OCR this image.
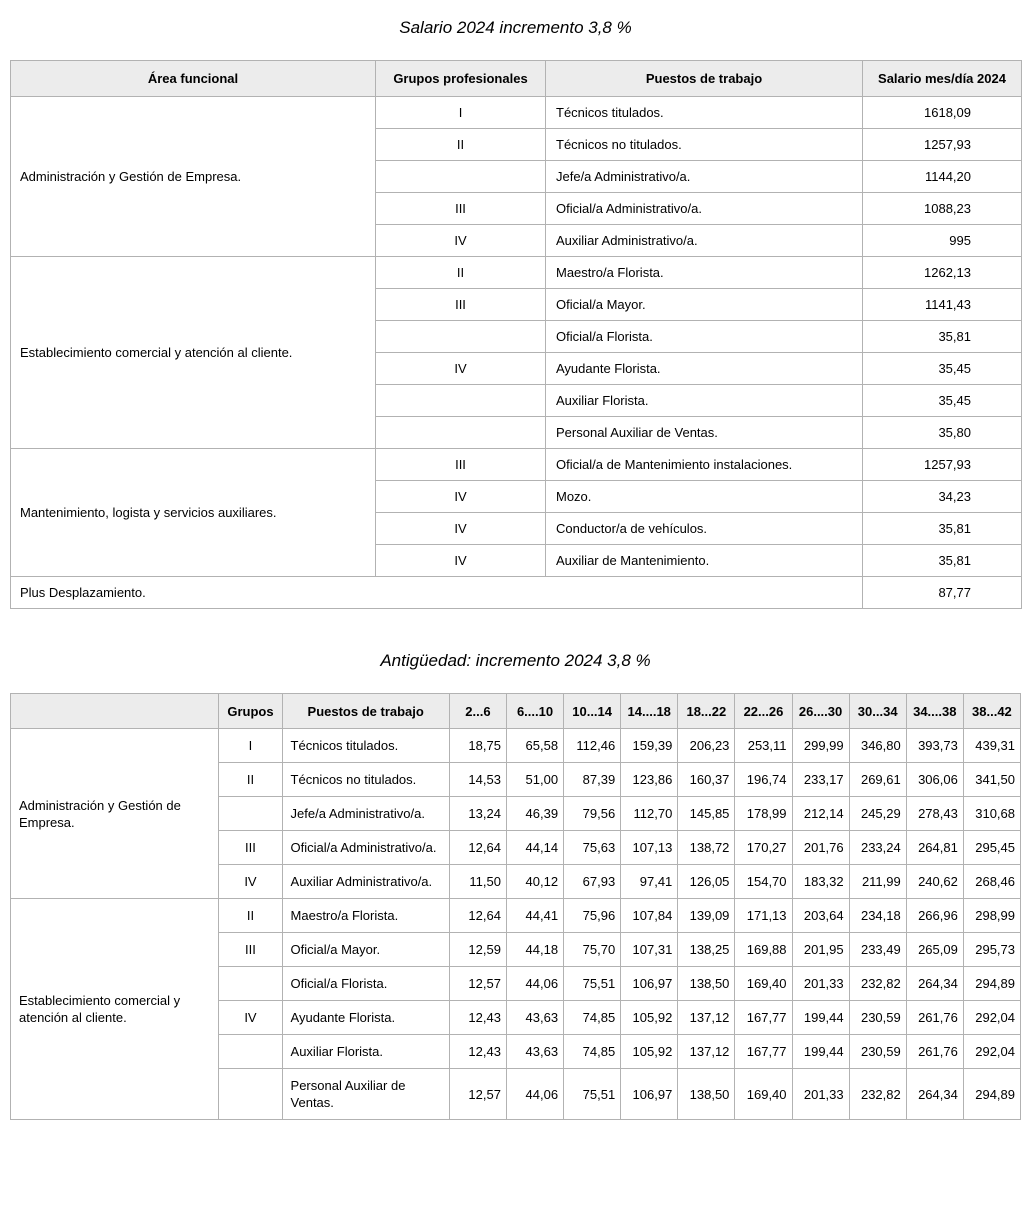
Salario 2024 incremento 3,8 %

Área funcional	Grupos profesionales	Puestos de trabajo	Salario mes/día 2024
Administración y Gestión de Empresa.	I	Técnicos titulados.	1618,09
	II	Técnicos no titulados.	1257,93
		Jefe/a Administrativo/a.	1144,20
	III	Oficial/a Administrativo/a.	1088,23
	IV	Auxiliar Administrativo/a.	995
Establecimiento comercial y atención al cliente.	II	Maestro/a Florista.	1262,13
	III	Oficial/a Mayor.	1141,43
		Oficial/a Florista.	35,81
	IV	Ayudante Florista.	35,45
		Auxiliar Florista.	35,45
		Personal Auxiliar de Ventas.	35,80
Mantenimiento, logista y servicios auxiliares.	III	Oficial/a de Mantenimiento instalaciones.	1257,93
	IV	Mozo.	34,23
	IV	Conductor/a de vehículos.	35,81
	IV	Auxiliar de Mantenimiento.	35,81
Plus Desplazamiento.			87,77

Antigüedad: incremento 2024 3,8 %

	Grupos	Puestos de trabajo	2...6	6....10	10...14	14....18	18...22	22...26	26....30	30...34	34....38	38...42
Administración y Gestión de Empresa.	I	Técnicos titulados.	18,75	65,58	112,46	159,39	206,23	253,11	299,99	346,80	393,73	439,31
	II	Técnicos no titulados.	14,53	51,00	87,39	123,86	160,37	196,74	233,17	269,61	306,06	341,50
		Jefe/a Administrativo/a.	13,24	46,39	79,56	112,70	145,85	178,99	212,14	245,29	278,43	310,68
	III	Oficial/a Administrativo/a.	12,64	44,14	75,63	107,13	138,72	170,27	201,76	233,24	264,81	295,45
	IV	Auxiliar Administrativo/a.	11,50	40,12	67,93	97,41	126,05	154,70	183,32	211,99	240,62	268,46
Establecimiento comercial y atención al cliente.	II	Maestro/a Florista.	12,64	44,41	75,96	107,84	139,09	171,13	203,64	234,18	266,96	298,99
	III	Oficial/a Mayor.	12,59	44,18	75,70	107,31	138,25	169,88	201,95	233,49	265,09	295,73
		Oficial/a Florista.	12,57	44,06	75,51	106,97	138,50	169,40	201,33	232,82	264,34	294,89
	IV	Ayudante Florista.	12,43	43,63	74,85	105,92	137,12	167,77	199,44	230,59	261,76	292,04
		Auxiliar Florista.	12,43	43,63	74,85	105,92	137,12	167,77	199,44	230,59	261,76	292,04
		Personal Auxiliar de Ventas.	12,57	44,06	75,51	106,97	138,50	169,40	201,33	232,82	264,34	294,89
